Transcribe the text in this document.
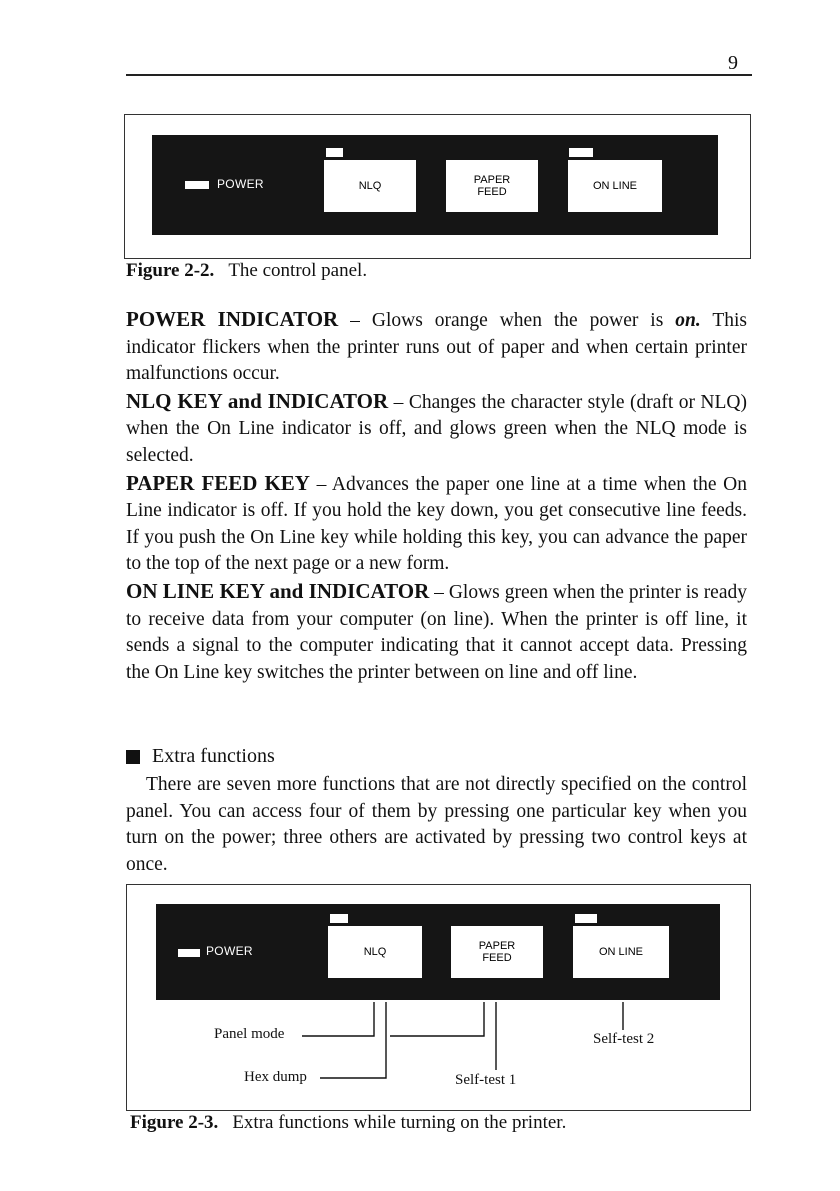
9
POWER	NLQ	PAPER
FEED	ON LINE
Figure 2-2. The control panel.

POWER INDICATOR – Glows orange when the power is on. This indicator flickers when the printer runs out of paper and when certain printer malfunctions occur.

NLQ KEY and INDICATOR – Changes the character style (draft or NLQ) when the On Line indicator is off, and glows green when the NLQ mode is selected.

PAPER FEED KEY – Advances the paper one line at a time when the On Line indicator is off. If you hold the key down, you get consecutive line feeds. If you push the On Line key while holding this key, you can advance the paper to the top of the next page or a new form.

ON LINE KEY and INDICATOR – Glows green when the printer is ready to receive data from your computer (on line). When the printer is off line, it sends a signal to the computer indicating that it cannot accept data. Pressing the On Line key switches the printer between on line and off line.

Extra functions

There are seven more functions that are not directly specified on the control panel. You can access four of them by pressing one particular key when you turn on the power; three others are activated by pressing two control keys at once.

POWER	NLQ	PAPER
FEED	ON LINE
Panel mode
Hex dump	Self-test 1
Self-test 2
Figure 2-3. Extra functions while turning on the printer.
